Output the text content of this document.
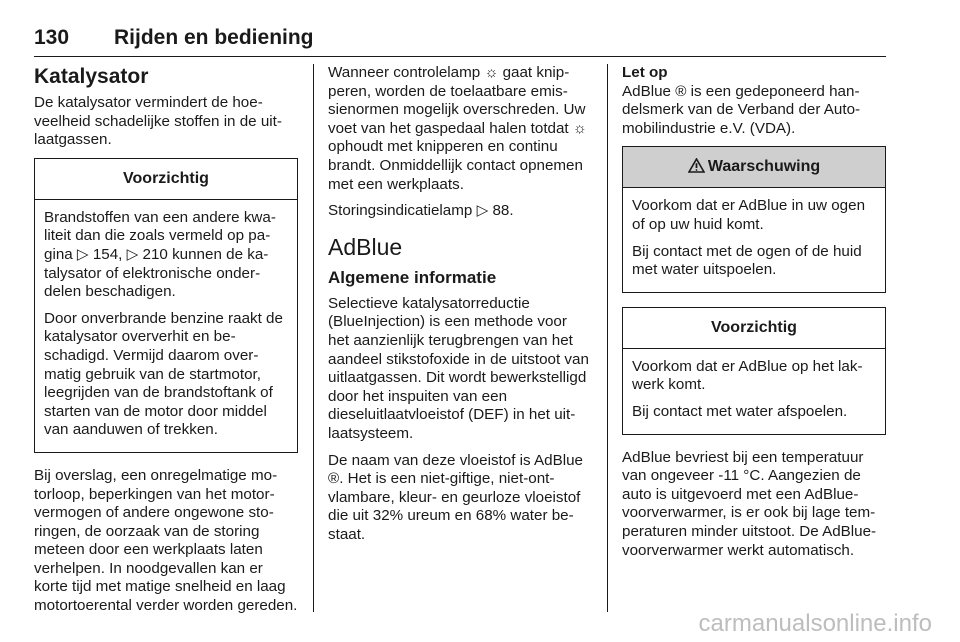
130 Rijden en bediening
Katalysator

De katalysator vermindert de hoeveelheid schadelijke stoffen in de uitlaatgassen.

Voorzichtig

Brandstoffen van een andere kwaliteit dan die zoals vermeld op pagina ▷ 154, ▷ 210 kunnen de katalysator of elektronische onderdelen beschadigen.

Door onverbrande benzine raakt de katalysator oververhit en beschadigd. Vermijd daarom overmatig gebruik van de startmotor, leegrijden van de brandstoftank of starten van de motor door middel van aanduwen of trekken.

Bij overslag, een onregelmatige motorloop, beperkingen van het motorvermogen of andere ongewone storingen, de oorzaak van de storing meteen door een werkplaats laten verhelpen. In noodgevallen kan er korte tijd met matige snelheid en laag motortoerental verder worden gereden.

Wanneer controlelamp ☼ gaat knipperen, worden de toelaatbare emissienormen mogelijk overschreden. Uw voet van het gaspedaal halen totdat ☼ ophoudt met knipperen en continu brandt. Onmiddellijk contact opnemen met een werkplaats.

Storingsindicatielamp ▷ 88.

AdBlue
Algemene informatie

Selectieve katalysatorreductie (BlueInjection) is een methode voor het aanzienlijk terugbrengen van het aandeel stikstofoxide in de uitstoot van uitlaatgassen. Dit wordt bewerkstelligd door het inspuiten van een dieseluitlaatvloeistof (DEF) in het uitlaatsysteem.

De naam van deze vloeistof is AdBlue ®. Het is een niet-giftige, niet-ontvlambare, kleur- en geurloze vloeistof die uit 32% ureum en 68% water bestaat.

Let op

AdBlue ® is een gedeponeerd handelsmerk van de Verband der Automobilindustrie e.V. (VDA).

Waarschuwing

Voorkom dat er AdBlue in uw ogen of op uw huid komt.

Bij contact met de ogen of de huid met water uitspoelen.

Voorzichtig

Voorkom dat er AdBlue op het lakwerk komt.

Bij contact met water afspoelen.

AdBlue bevriest bij een temperatuur van ongeveer -11 °C. Aangezien de auto is uitgevoerd met een AdBlue-voorverwarmer, is er ook bij lage temperaturen minder uitstoot. De AdBlue-voorverwarmer werkt automatisch.

carmanualsonline.info
